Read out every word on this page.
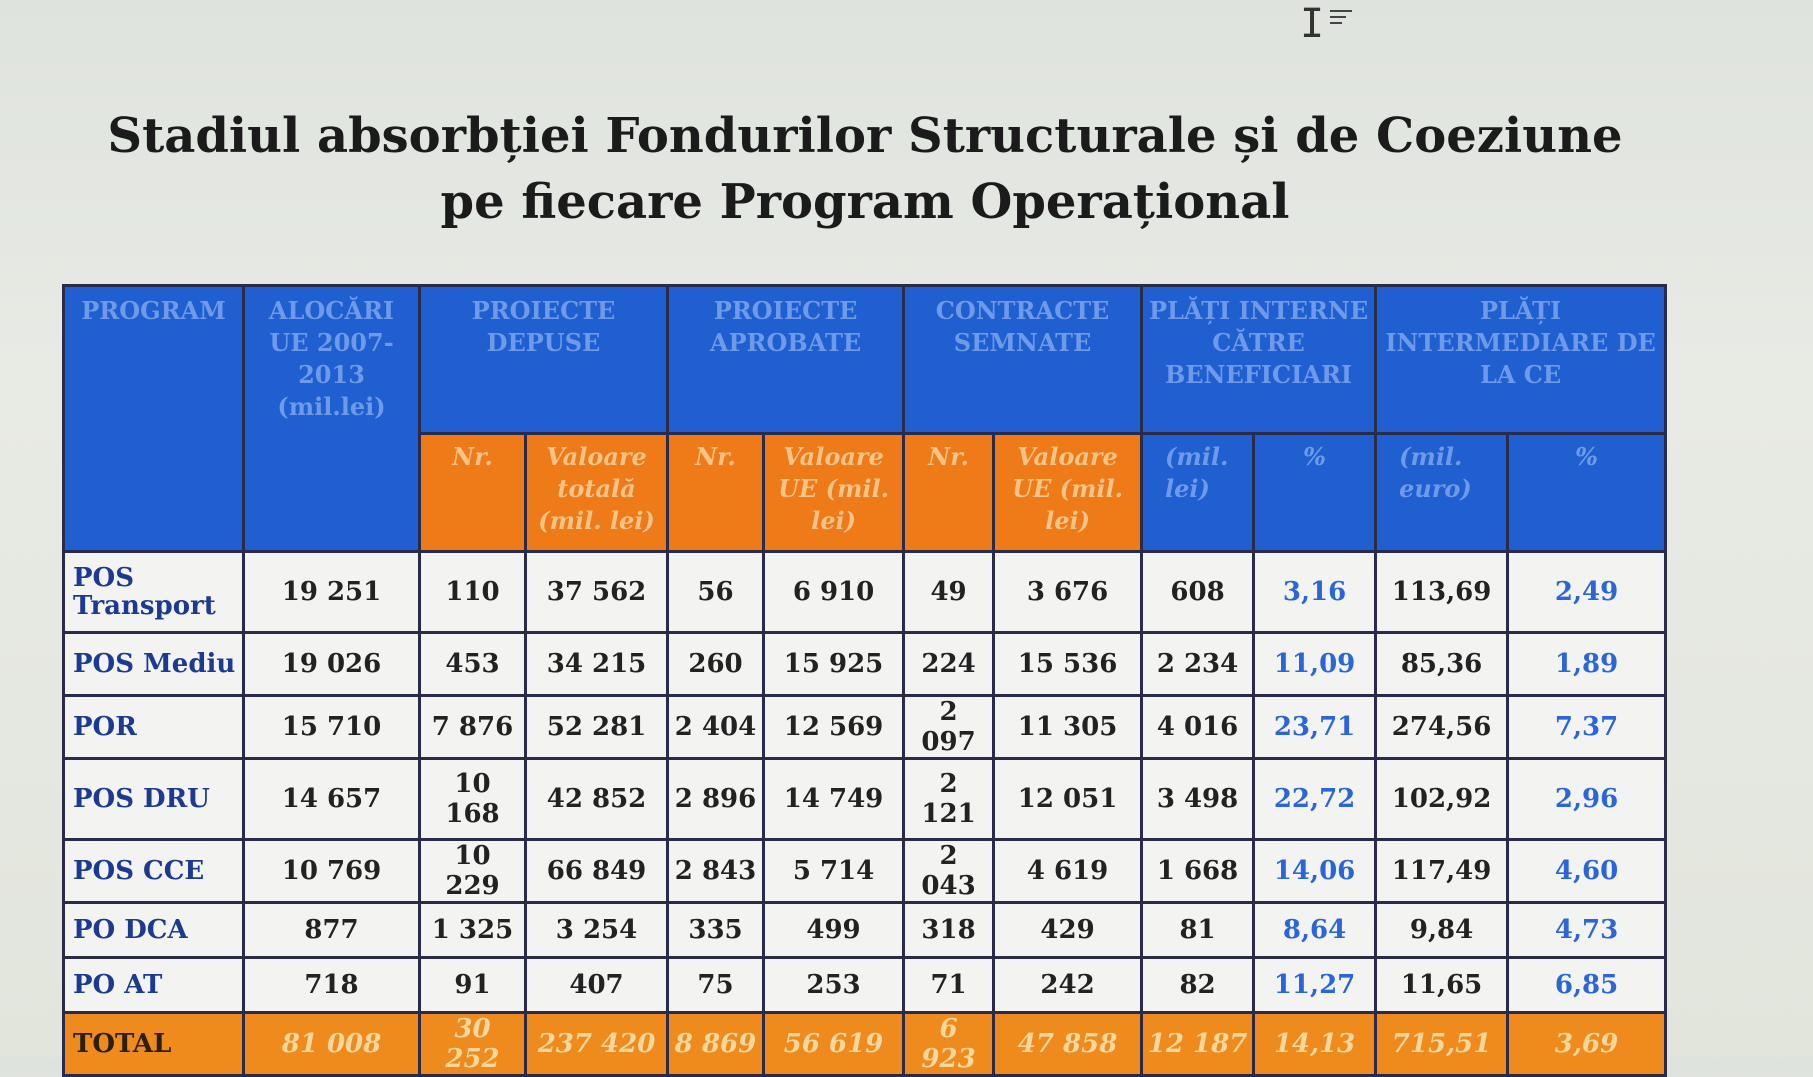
I
Stadiul absorbției Fondurilor Structurale și de Coeziune
pe fiecare Program Operațional
PROGRAM	ALOCĂRI UE 2007-2013 (mil.lei)	PROIECTE DEPUSE		PROIECTE APROBATE		CONTRACTE SEMNATE		PLĂȚI INTERNE CĂTRE BENEFICIARI		PLĂȚI INTERMEDIARE DE LA CE	
		Nr.	Valoare totală (mil. lei)	Nr.	Valoare UE (mil. lei)	Nr.	Valoare UE (mil. lei)	(mil. lei)	%	(mil. euro)	%
POS Transport	19 251	110	37 562	56	6 910	49	3 676	608	3,16	113,69	2,49
POS Mediu	19 026	453	34 215	260	15 925	224	15 536	2 234	11,09	85,36	1,89
POR	15 710	7 876	52 281	2 404	12 569	2 097	11 305	4 016	23,71	274,56	7,37
POS DRU	14 657	10 168	42 852	2 896	14 749	2 121	12 051	3 498	22,72	102,92	2,96
POS CCE	10 769	10 229	66 849	2 843	5 714	2 043	4 619	1 668	14,06	117,49	4,60
PO DCA	877	1 325	3 254	335	499	318	429	81	8,64	9,84	4,73
PO AT	718	91	407	75	253	71	242	82	11,27	11,65	6,85
TOTAL	81 008	30 252	237 420	8 869	56 619	6 923	47 858	12 187	14,13	715,51	3,69
